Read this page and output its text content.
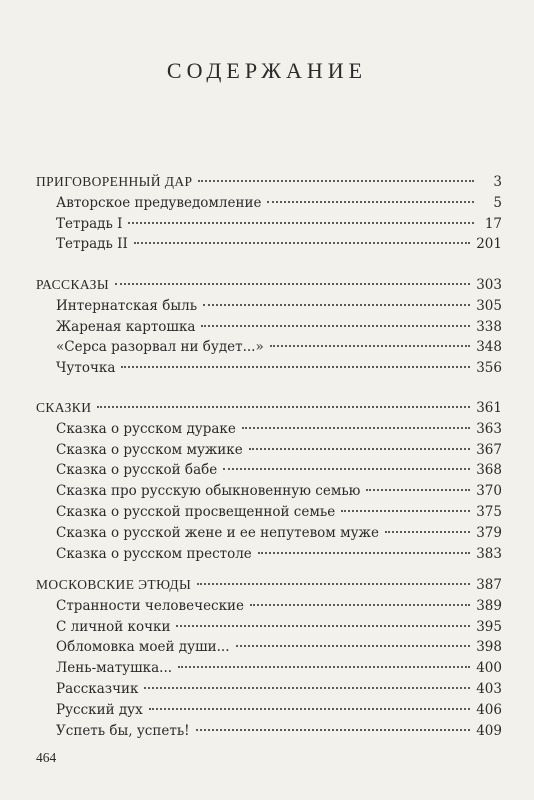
СОДЕРЖАНИЕ
ПРИГОВОРЕННЫЙ ДАР	3
Авторское предуведомление	5
Тетрадь I	17
Тетрадь II	201
РАССКАЗЫ	303
Интернатская быль	305
Жареная картошка	338
«Серса разорвал ни будет...»	348
Чуточка	356
СКАЗКИ	361
Сказка о русском дураке	363
Сказка о русском мужике	367
Сказка о русской бабе	368
Сказка про русскую обыкновенную семью	370
Сказка о русской просвещенной семье	375
Сказка о русской жене и ее непутевом муже	379
Сказка о русском престоле	383
МОСКОВСКИЕ ЭТЮДЫ	387
Странности человеческие	389
С личной кочки	395
Обломовка моей души...	398
Лень-матушка...	400
Рассказчик	403
Русский дух	406
Успеть бы, успеть!	409
464
